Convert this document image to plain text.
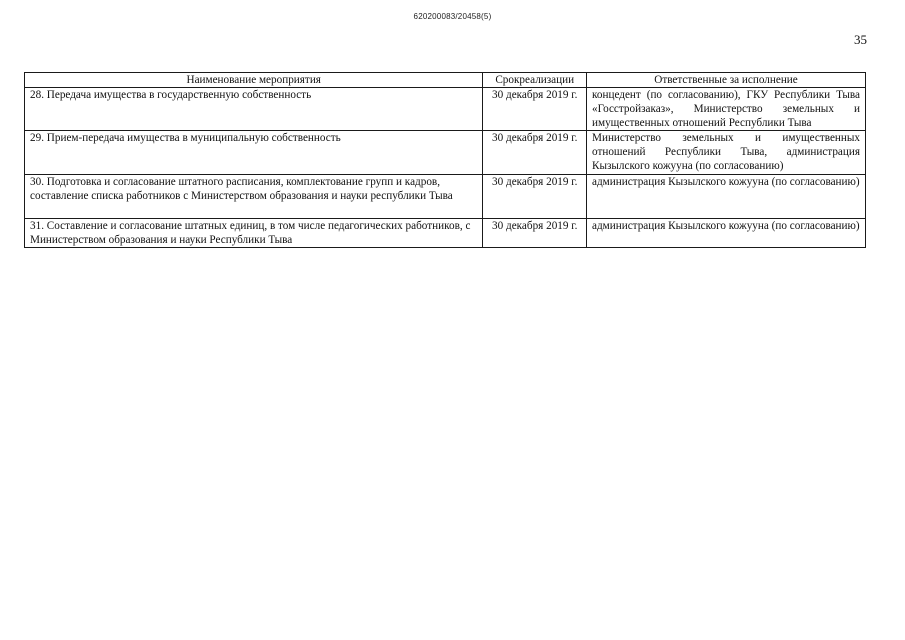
620200083/20458(5)
35
Наименование мероприятия	Срокреализации	Ответственные за исполнение
28. Передача имущества в государственную собственность	30 декабря 2019 г.	концедент (по согласованию), ГКУ Республики Тыва «Госстройзаказ», Министерство земельных и имущественных отношений Республики Тыва
29. Прием-передача имущества в муниципальную собственность	30 декабря 2019 г.	Министерство земельных и имущественных отношений Республики Тыва, администрация Кызылского кожууна (по согласованию)
30. Подготовка и согласование штатного расписания, комплектование групп и кадров, составление списка работников с Министерством образования и науки республики Тыва	30 декабря 2019 г.	администрация Кызылского кожууна (по согласованию)
31. Составление и согласование штатных единиц, в том числе педагогических работников, с Министерством образования и науки Республики Тыва	30 декабря 2019 г.	администрация Кызылского кожууна (по согласованию)
